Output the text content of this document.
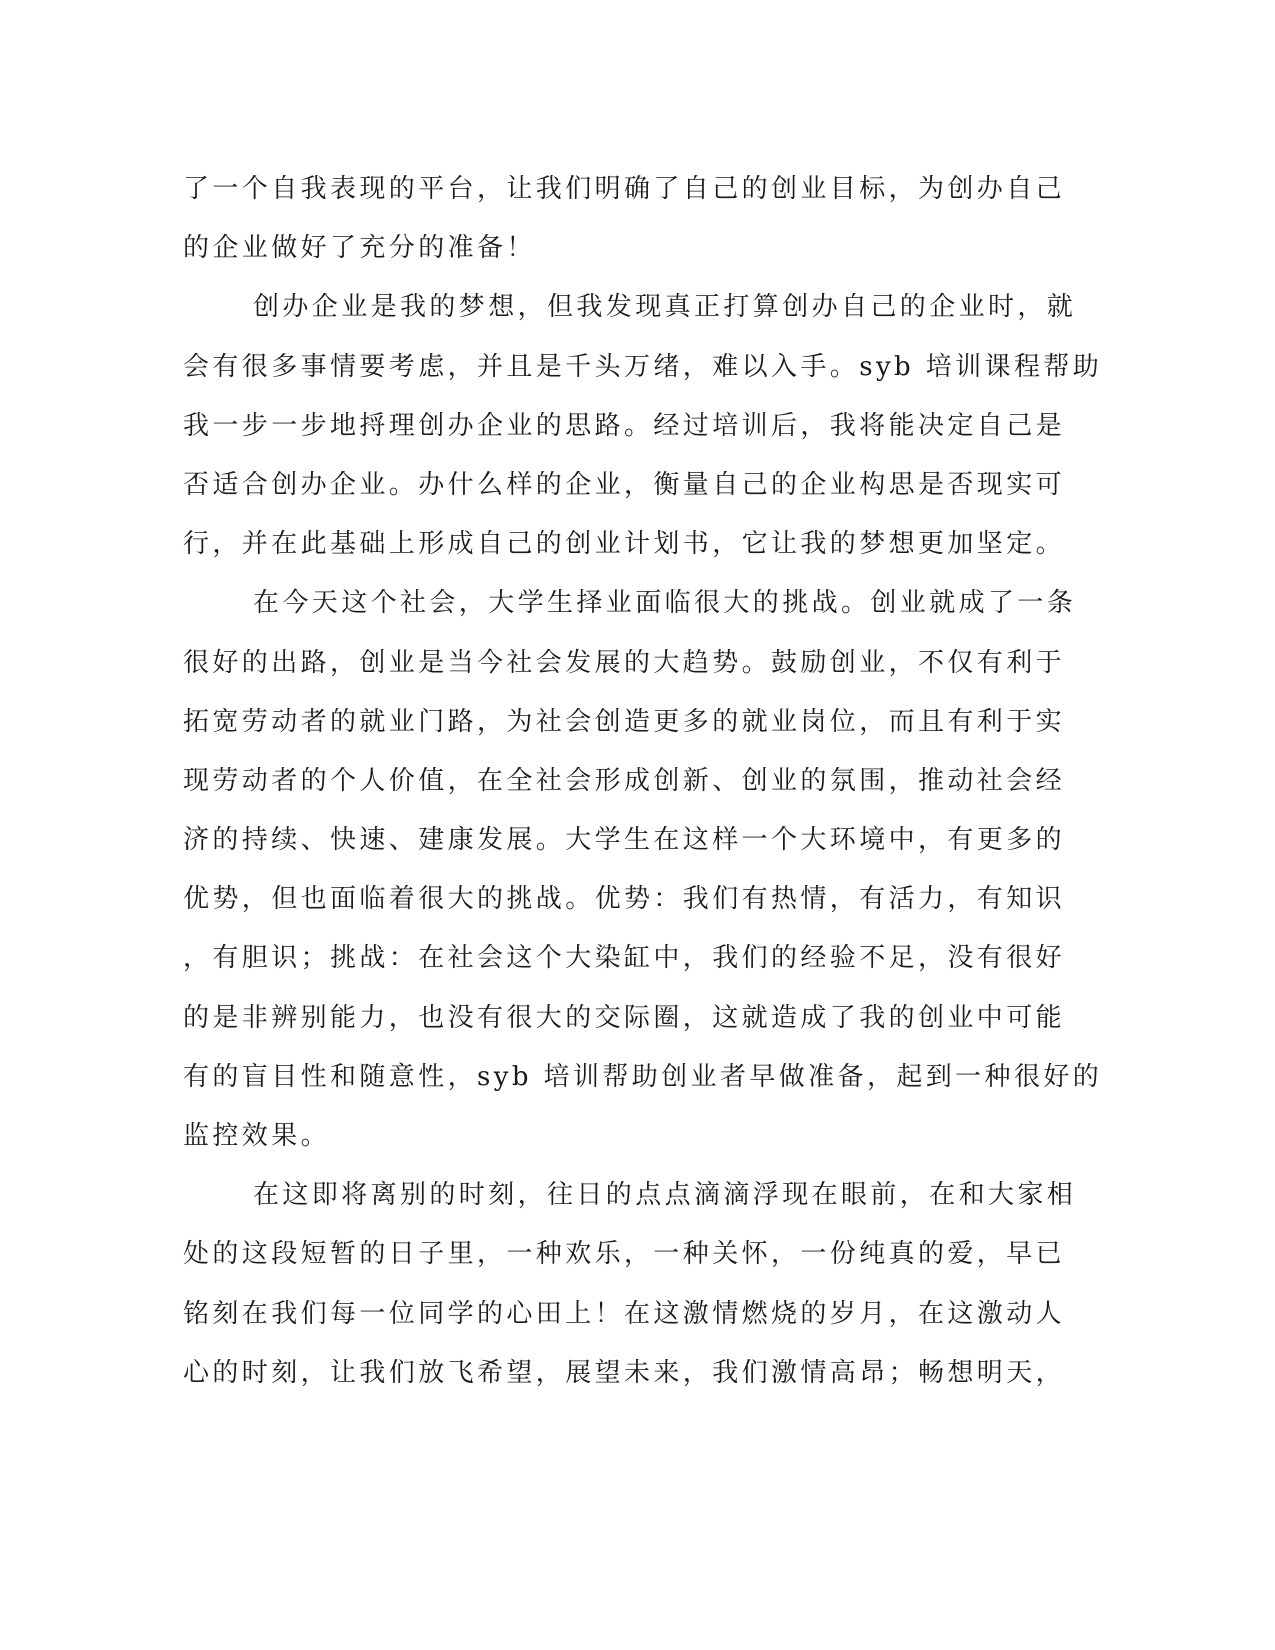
了一个自我表现的平台，让我们明确了自己的创业目标，为创办自己
的企业做好了充分的准备！
创办企业是我的梦想，但我发现真正打算创办自己的企业时，就
会有很多事情要考虑，并且是千头万绪，难以入手。syb 培训课程帮助
我一步一步地捋理创办企业的思路。经过培训后，我将能决定自己是
否适合创办企业。办什么样的企业，衡量自己的企业构思是否现实可
行，并在此基础上形成自己的创业计划书，它让我的梦想更加坚定。
在今天这个社会，大学生择业面临很大的挑战。创业就成了一条
很好的出路，创业是当今社会发展的大趋势。鼓励创业，不仅有利于
拓宽劳动者的就业门路，为社会创造更多的就业岗位，而且有利于实
现劳动者的个人价值，在全社会形成创新、创业的氛围，推动社会经
济的持续、快速、建康发展。大学生在这样一个大环境中，有更多的
优势，但也面临着很大的挑战。优势：我们有热情，有活力，有知识
，有胆识；挑战：在社会这个大染缸中，我们的经验不足，没有很好
的是非辨别能力，也没有很大的交际圈，这就造成了我的创业中可能
有的盲目性和随意性，syb 培训帮助创业者早做准备，起到一种很好的
监控效果。
在这即将离别的时刻，往日的点点滴滴浮现在眼前，在和大家相
处的这段短暂的日子里，一种欢乐，一种关怀，一份纯真的爱，早已
铭刻在我们每一位同学的心田上！在这激情燃烧的岁月，在这激动人
心的时刻，让我们放飞希望，展望未来，我们激情高昂；畅想明天，
